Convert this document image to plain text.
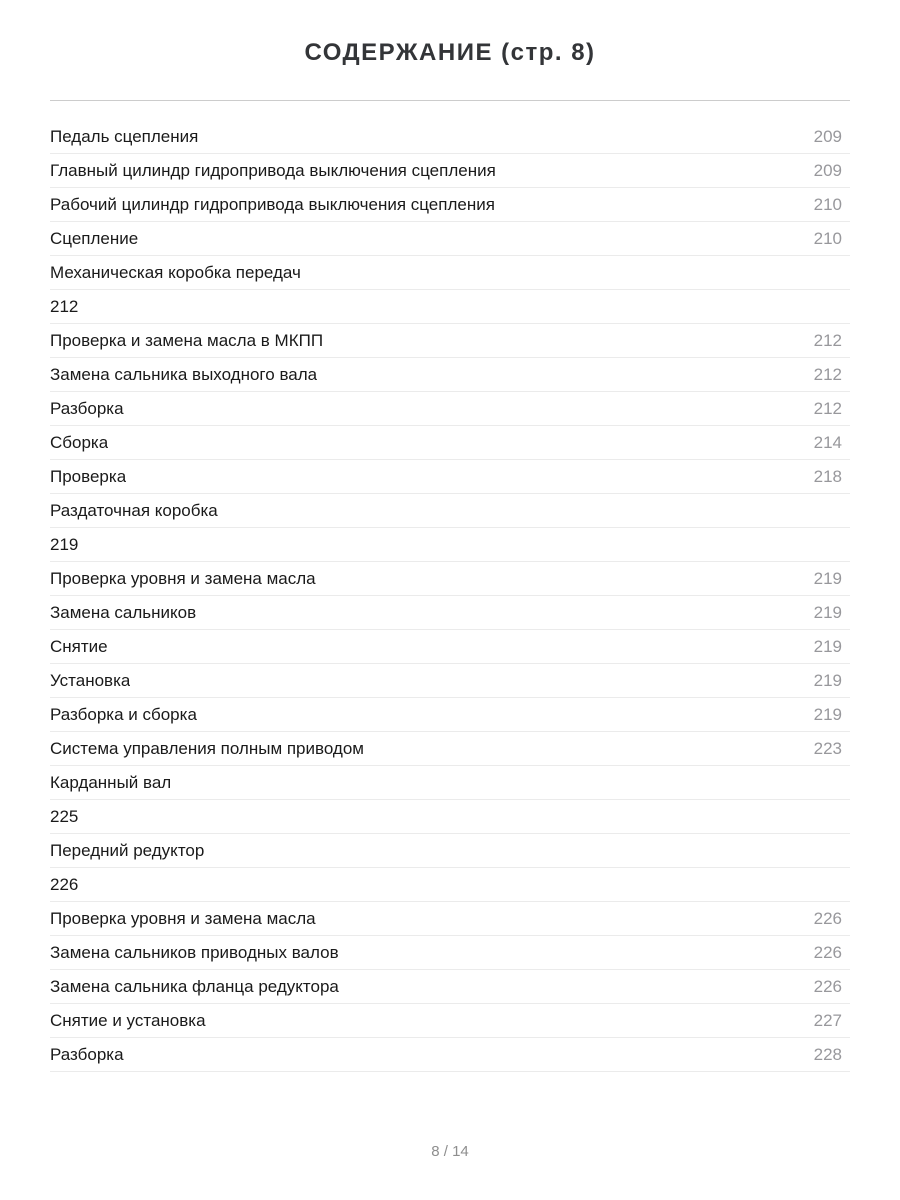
СОДЕРЖАНИЕ (стр. 8)
Педаль сцепления	209
Главный цилиндр гидропривода выключения сцепления	209
Рабочий цилиндр гидропривода выключения сцепления	210
Сцепление	210
Механическая коробка передач
212
Проверка и замена масла в МКПП	212
Замена сальника выходного вала	212
Разборка	212
Сборка	214
Проверка	218
Раздаточная коробка
219
Проверка уровня и замена масла	219
Замена сальников	219
Снятие	219
Установка	219
Разборка и сборка	219
Система управления полным приводом	223
Карданный вал
225
Передний редуктор
226
Проверка уровня и замена масла	226
Замена сальников приводных валов	226
Замена сальника фланца редуктора	226
Снятие и установка	227
Разборка	228
8 / 14
